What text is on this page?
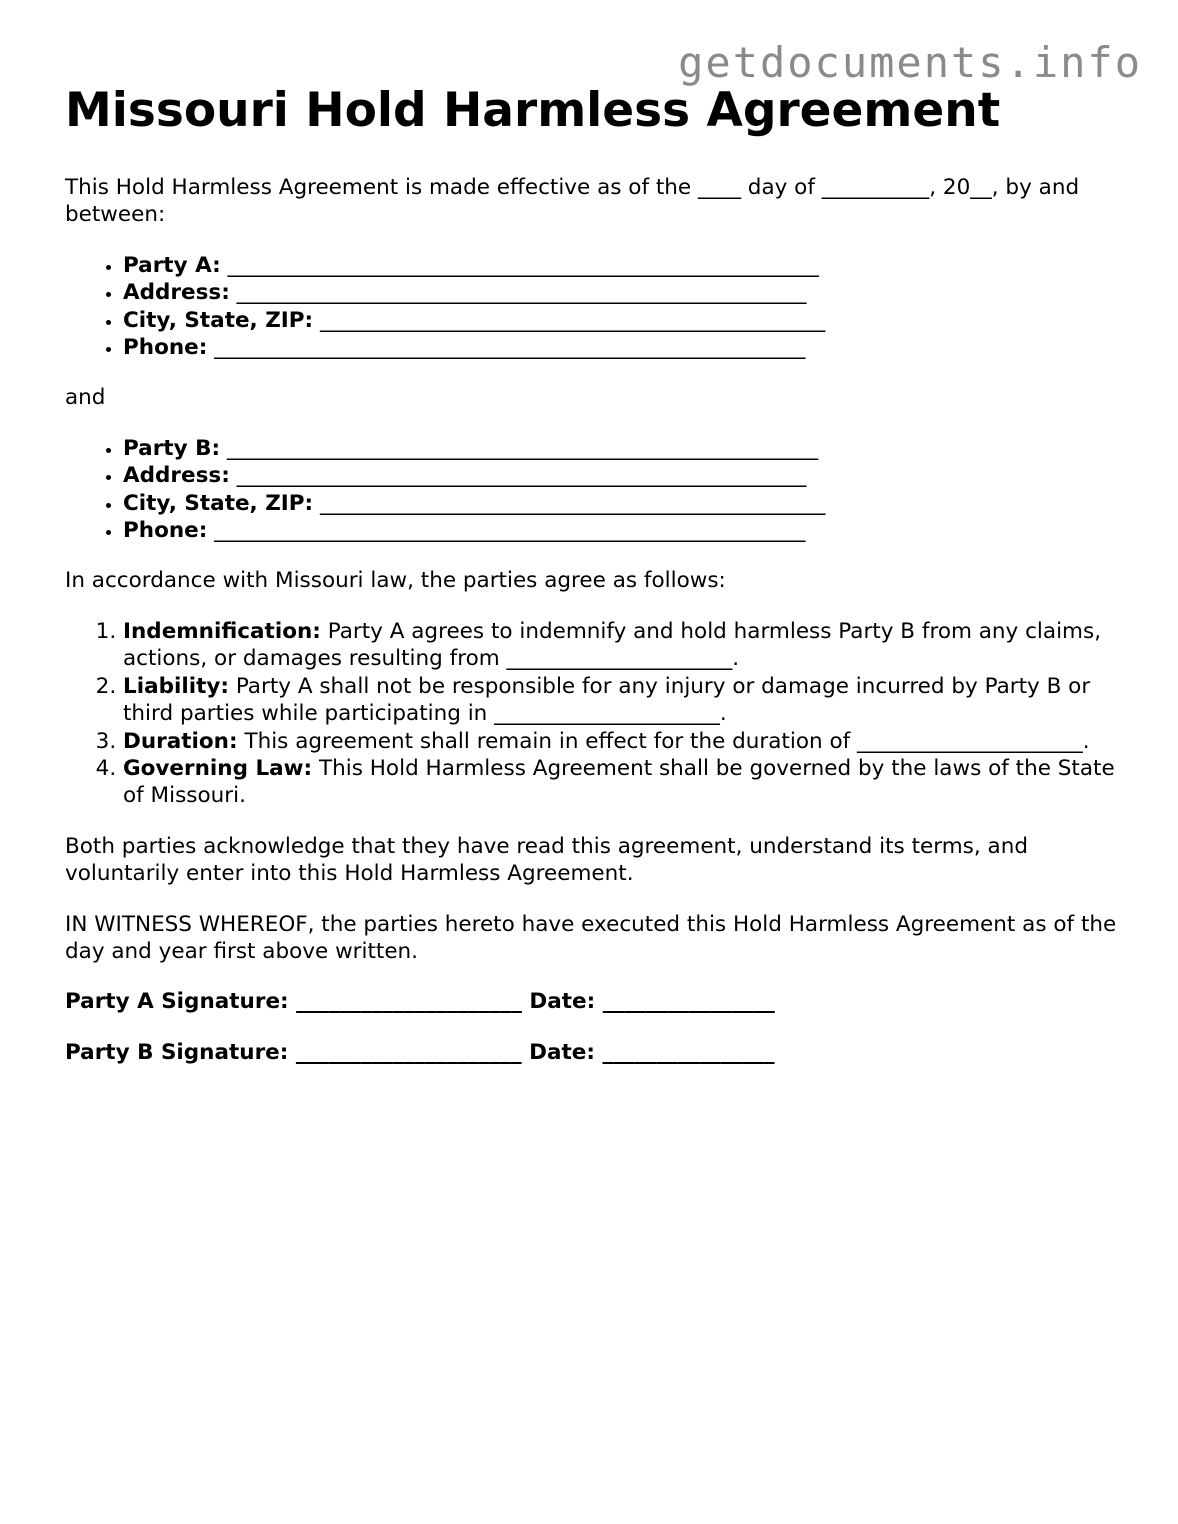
getdocuments.info
Missouri Hold Harmless Agreement

This Hold Harmless Agreement is made effective as of the ____ day of __________, 20__, by and between:

• Party A: _______________________________________________________
• Address: _____________________________________________________
• City, State, ZIP: _______________________________________________
• Phone: _______________________________________________________

and

• Party B: _______________________________________________________
• Address: _____________________________________________________
• City, State, ZIP: _______________________________________________
• Phone: _______________________________________________________

In accordance with Missouri law, the parties agree as follows:

1. Indemnification: Party A agrees to indemnify and hold harmless Party B from any claims, actions, or damages resulting from _____________________.
2. Liability: Party A shall not be responsible for any injury or damage incurred by Party B or third parties while participating in _____________________.
3. Duration: This agreement shall remain in effect for the duration of _____________________.
4. Governing Law: This Hold Harmless Agreement shall be governed by the laws of the State of Missouri.

Both parties acknowledge that they have read this agreement, understand its terms, and voluntarily enter into this Hold Harmless Agreement.

IN WITNESS WHEREOF, the parties hereto have executed this Hold Harmless Agreement as of the day and year first above written.

Party A Signature: _____________________ Date: ________________

Party B Signature: _____________________ Date: ________________
